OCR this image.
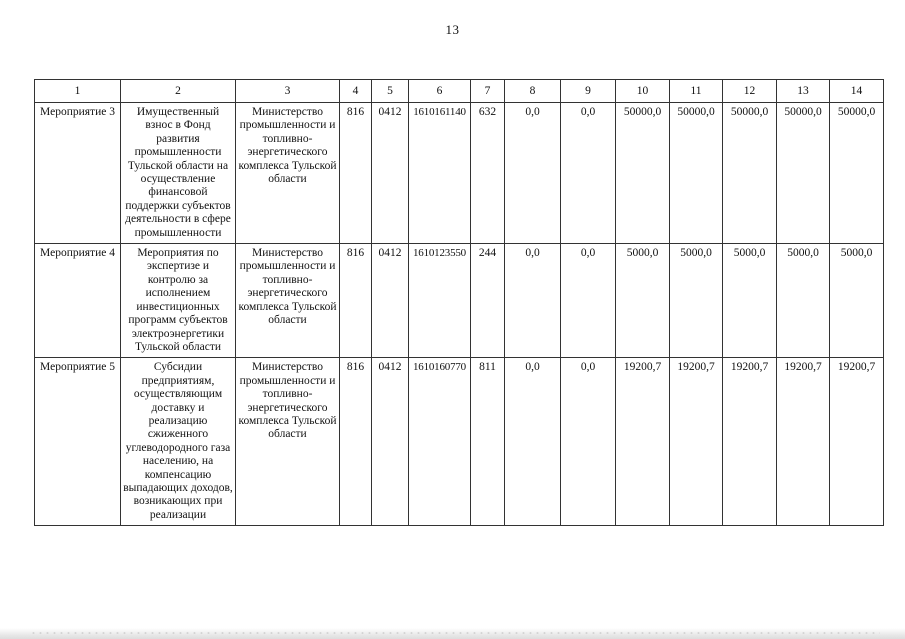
13
1	2	3	4	5	6	7	8	9	10	11	12	13	14
Мероприятие 3	Имущественный взнос в Фонд развития промышленности Тульской области на осуществление финансовой поддержки субъектов деятельности в сфере промышленности	Министерство промышленности и топливно-энергетического комплекса Тульской области	816	0412	1610161140	632	0,0	0,0	50000,0	50000,0	50000,0	50000,0	50000,0
Мероприятие 4	Мероприятия по экспертизе и контролю за исполнением инвестиционных программ субъектов электроэнергетики Тульской области	Министерство промышленности и топливно-энергетического комплекса Тульской области	816	0412	1610123550	244	0,0	0,0	5000,0	5000,0	5000,0	5000,0	5000,0
Мероприятие 5	Субсидии предприятиям, осуществляющим доставку и реализацию сжиженного углеводородного газа населению, на компенсацию выпадающих доходов, возникающих при реализации	Министерство промышленности и топливно-энергетического комплекса Тульской области	816	0412	1610160770	811	0,0	0,0	19200,7	19200,7	19200,7	19200,7	19200,7
